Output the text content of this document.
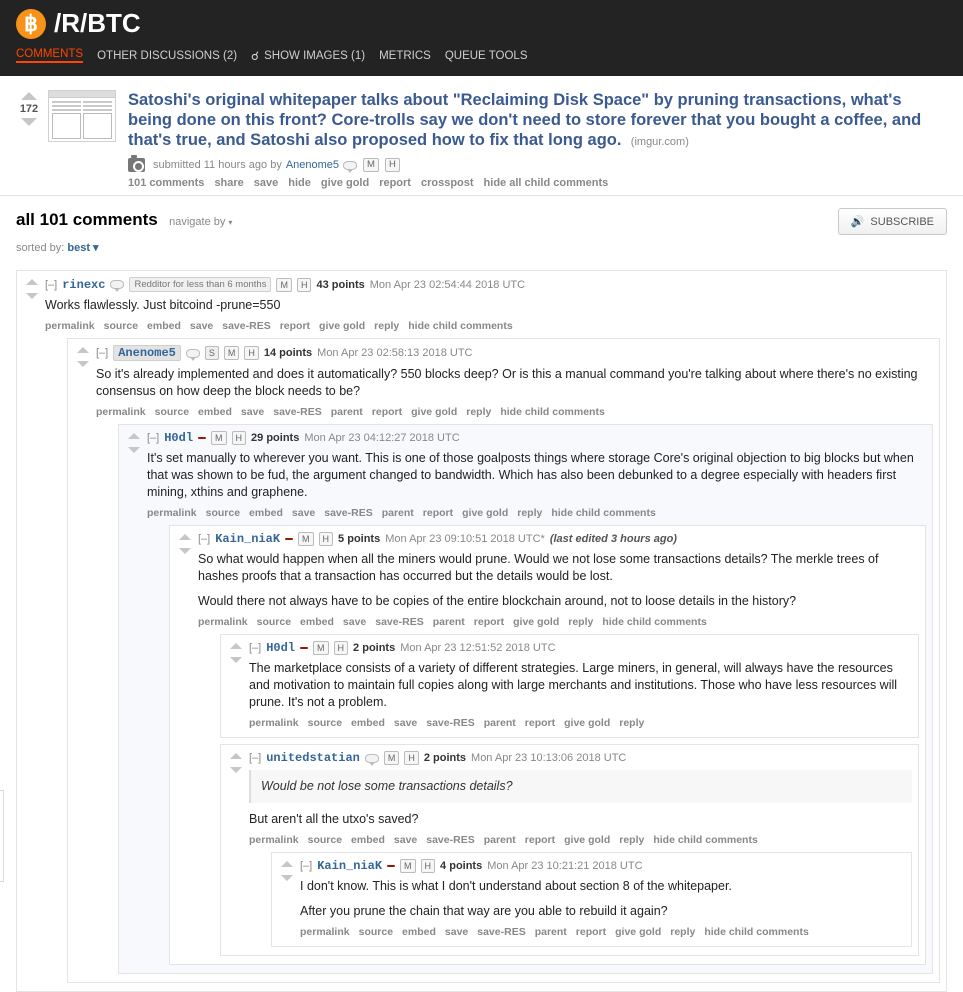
฿ /R/BTC
COMMENTS OTHER DISCUSSIONS (2) ☌ SHOW IMAGES (1) METRICS QUEUE TOOLS
172	Satoshi's original whitepaper talks about "Reclaiming Disk Space" by pruning transactions, what's being done on this front? Core-trolls say we don't need to store forever that you bought a coffee, and that's true, and Satoshi also proposed how to fix that long ago. (imgur.com)
submitted 11 hours ago by Anenome5	M	H
101 comments share save hide give gold report crosspost hide all child comments
all 101 comments navigate by ▾
sorted by: best ▾
🔊 SUBSCRIBE
[–] rinexc	Redditor for less than 6 months	M	H 43 points Mon Apr 23 02:54:44 2018 UTC

Works flawlessly. Just bitcoind -prune=550

permalink source embed save save-RES report give gold reply hide child comments
[–] Anenome5	S	M	H 14 points Mon Apr 23 02:58:13 2018 UTC

So it's already implemented and does it automatically? 550 blocks deep? Or is this a manual command you're talking about where there's no existing consensus on how deep the block needs to be?

permalink source embed save save-RES parent report give gold reply hide child comments
[–] H0dl	M	H 29 points Mon Apr 23 04:12:27 2018 UTC

It's set manually to wherever you want. This is one of those goalposts things where storage Core's original objection to big blocks but when that was shown to be fud, the argument changed to bandwidth. Which has also been debunked to a degree especially with headers first mining, xthins and graphene.

permalink source embed save save-RES parent report give gold reply hide child comments
[–] Kain_niaK	M	H 5 points Mon Apr 23 09:10:51 2018 UTC* (last edited 3 hours ago)

So what would happen when all the miners would prune. Would we not lose some transactions details? The merkle trees of hashes proofs that a transaction has occurred but the details would be lost.

Would there not always have to be copies of the entire blockchain around, not to loose details in the history?

permalink source embed save save-RES parent report give gold reply hide child comments
[–] H0dl	M	H 2 points Mon Apr 23 12:51:52 2018 UTC

The marketplace consists of a variety of different strategies. Large miners, in general, will always have the resources and motivation to maintain full copies along with large merchants and institutions. Those who have less resources will prune. It's not a problem.

permalink source embed save save-RES parent report give gold reply
[–] unitedstatian	M	H 2 points Mon Apr 23 10:13:06 2018 UTC
Would be not lose some transactions details?

But aren't all the utxo's saved?

permalink source embed save save-RES parent report give gold reply hide child comments
[–] Kain_niaK	M	H 4 points Mon Apr 23 10:21:21 2018 UTC

I don't know. This is what I don't understand about section 8 of the whitepaper.

After you prune the chain that way are you able to rebuild it again?

permalink source embed save save-RES parent report give gold reply hide child comments
